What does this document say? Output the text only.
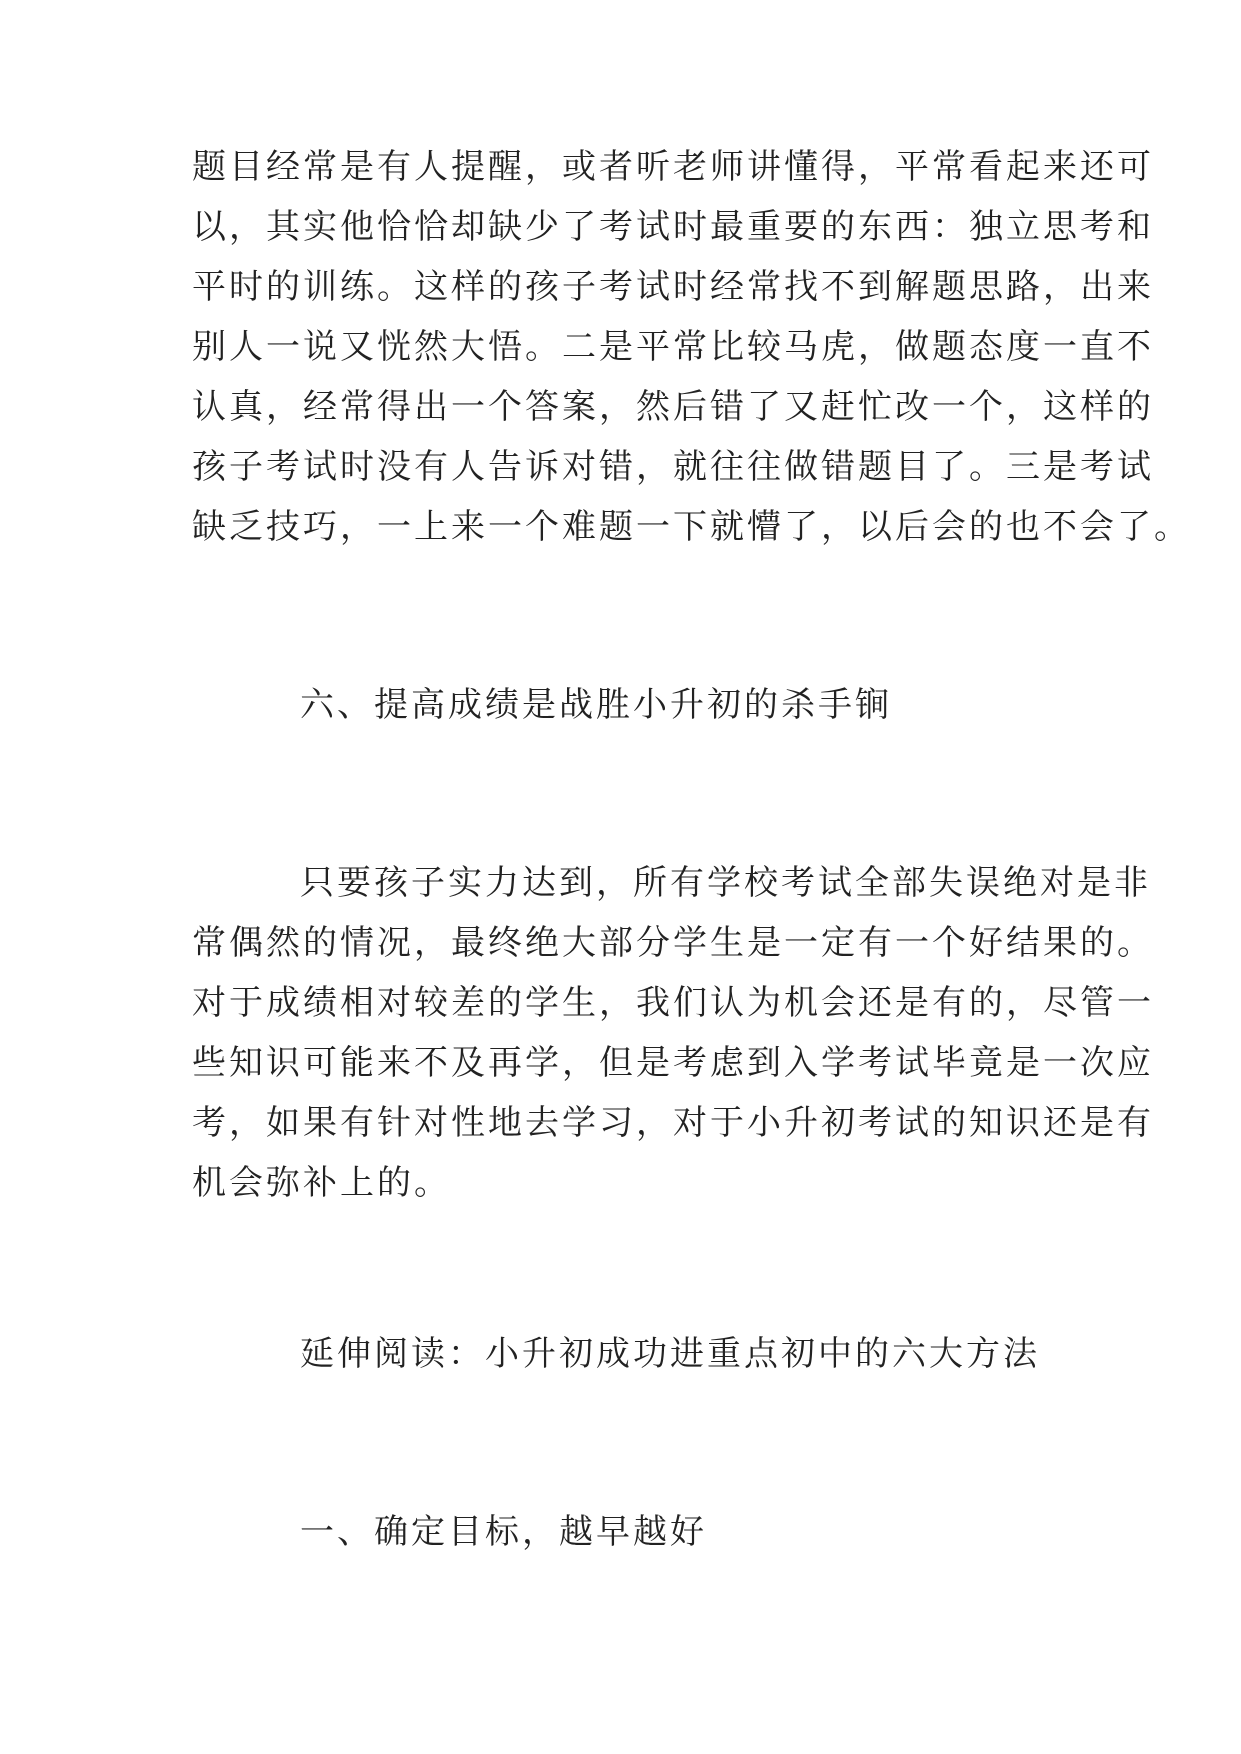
题目经常是有人提醒，或者听老师讲懂得，平常看起来还可
以，其实他恰恰却缺少了考试时最重要的东西：独立思考和
平时的训练。这样的孩子考试时经常找不到解题思路，出来
别人一说又恍然大悟。二是平常比较马虎，做题态度一直不
认真，经常得出一个答案，然后错了又赶忙改一个，这样的
孩子考试时没有人告诉对错，就往往做错题目了。三是考试
缺乏技巧，一上来一个难题一下就懵了，以后会的也不会了。

六、提高成绩是战胜小升初的杀手锏

只要孩子实力达到，所有学校考试全部失误绝对是非
常偶然的情况，最终绝大部分学生是一定有一个好结果的。
对于成绩相对较差的学生，我们认为机会还是有的，尽管一
些知识可能来不及再学，但是考虑到入学考试毕竟是一次应
考，如果有针对性地去学习，对于小升初考试的知识还是有
机会弥补上的。

延伸阅读：小升初成功进重点初中的六大方法

一、确定目标，越早越好
